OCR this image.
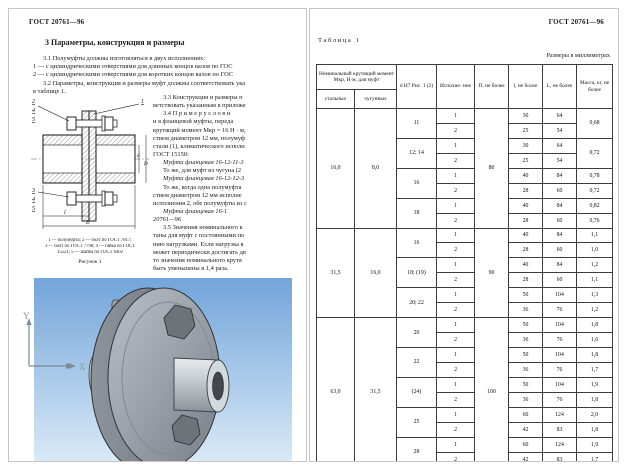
ГОСТ 20761—96
3 Параметры, конструкция и размеры
3.1 Полумуфты должны изготовляться в двух исполнениях:
1 — с цилиндрическими отверстиями для длинных концов валов по ГОС
2 — с цилиндрическими отверстиями для коротких концов валов по ГОС
3.2 Параметры, конструкция и размеры муфт должны соответствовать ука
в таблице 1.
2
4
5
1
3
4
5
l
L
d
D
1 — полумуфта; 2 — болт по ГОСТ 7817;
3 — болт по ГОСТ 7798; 4 — гайка по ГОСТ
15521; 5 — шайба по ГОСТ 6402
Рисунок 1
3.3 Конструкция и размеры п
ветствовать указанным в приложе
3.4 П р и м е р у с л о в н
и я фланцевой муфты, переда
крутящий момент Мкр = 16 Н · м,
стием диаметром 12 мм, полумуф
стали (1), климатического исполн
ГОСТ 15150:
Муфта фланцевая 16-12-11-3
То же, для муфт из чугуна (2
Муфта фланцевая 16-12-12-3
То же, когда одна полумуфта
стием диаметром 12 мм исполне
исполнения 2, обе полумуфты из с
Муфта фланцевая 16-1
20761—96
3.5 Значения номинального к
таны для муфт с постоянными по
нию нагрузками. Если нагрузка я
может периодически достигать дв
то значения номинального крутя
быть уменьшены в 1,4 раза.
Y
X
ГОСТ 20761—96
Таблица 1
Размеры в миллиметрах
Номинальный крутящий момент Мкр, Н·м, для муфт		d H7 Рис. 1 (2)	Исполне- ние	D, не более	l, не более	L, не более	Масса, кг, не более
стальных	чугунных						
16,0	8,0	11	1	80	30	64	0,68
			2		25	54	
		12; 14	1		30	64	0,72
			2		25	54	
		16	1		40	84	0,78
			2		28	60	0,72
		18	1		40	84	0,82
			2		28	60	0,76
31,5	16,0	16	1	90	40	84	1,1
			2		28	60	1,0
		18; (19)	1		40	84	1,2
			2		28	60	1,1
		20; 22	1		50	104	1,3
			2		36	76	1,2
63,0	31,5	20	1	100	50	104	1,8
			2		36	76	1,6
		22	1		50	104	1,8
			2		36	76	1,7
		(24)	1		50	104	1,9
			2		36	76	1,8
		25	1		60	124	2,0
			2		42	83	1,8
		28	1		60	124	1,9
			2		42	83	1,7
